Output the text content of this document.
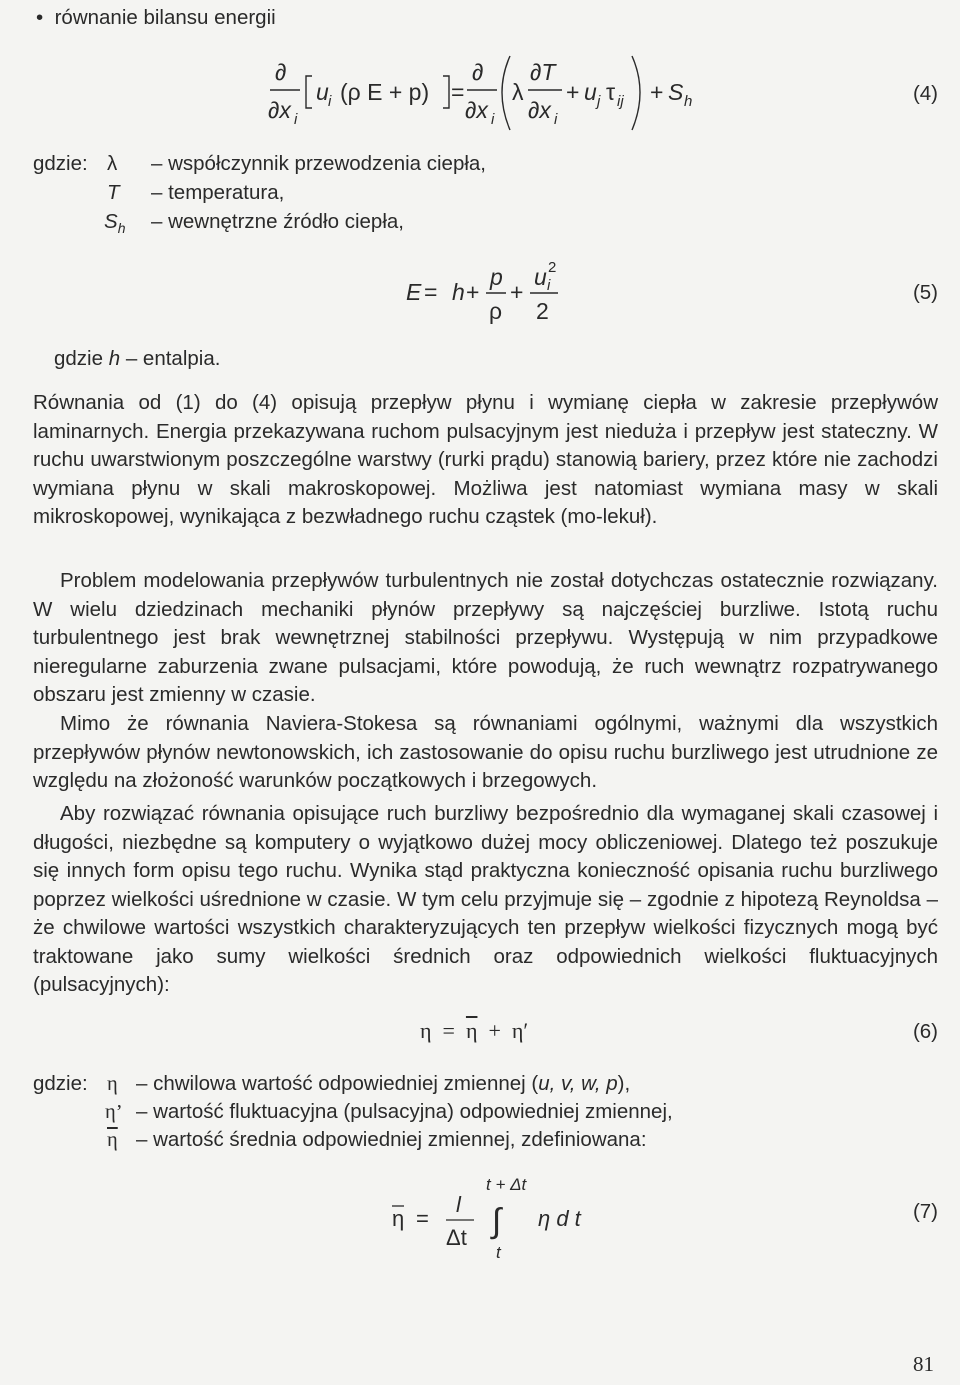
• równanie bilansu energii
∂
∂x i
u i (ρ E + p) =
∂
∂x i
λ
∂T
∂x i
+ u j τ ij + S h	(4)
gdzie: λ – współczynnik przewodzenia ciepła,
T – temperatura,
$S_h$ – wewnętrzne źródło ciepła,
E = h +
p
ρ
+
u i
2
2
(5)
gdzie h – entalpia.
Równania od (1) do (4) opisują przepływ płynu i wymianę ciepła w zakresie przepływów laminarnych. Energia przekazywana ruchom pulsacyjnym jest nieduża i przepływ jest stateczny. W ruchu uwarstwionym poszczególne warstwy (rurki prądu) stanowią bariery, przez które nie zachodzi wymiana płynu w skali makroskopowej. Możliwa jest natomiast wymiana masy w skali mikroskopowej, wynikająca z bezwładnego ruchu cząstek (mo-lekuł).
Problem modelowania przepływów turbulentnych nie został dotychczas ostatecznie rozwiązany. W wielu dziedzinach mechaniki płynów przepływy są najczęściej burzliwe. Istotą ruchu turbulentnego jest brak wewnętrznej stabilności przepływu. Występują w nim przypadkowe nieregularne zaburzenia zwane pulsacjami, które powodują, że ruch wewnątrz rozpatrywanego obszaru jest zmienny w czasie.
Mimo że równania Naviera-Stokesa są równaniami ogólnymi, ważnymi dla wszystkich przepływów płynów newtonowskich, ich zastosowanie do opisu ruchu burzliwego jest utrudnione ze względu na złożoność warunków początkowych i brzegowych.
Aby rozwiązać równania opisujące ruch burzliwy bezpośrednio dla wymaganej skali czasowej i długości, niezbędne są komputery o wyjątkowo dużej mocy obliczeniowej. Dlatego też poszukuje się innych form opisu tego ruchu. Wynika stąd praktyczna konieczność opisania ruchu burzliwego poprzez wielkości uśrednione w czasie. W tym celu przyjmuje się – zgodnie z hipotezą Reynoldsa – że chwilowe wartości wszystkich charakteryzujących ten przepływ wielkości fizycznych mogą być traktowane jako sumy wielkości średnich oraz odpowiednich wielkości fluktuacyjnych (pulsacyjnych):
$\eta = \overline{\eta} + \eta'$	(6)
gdzie: η – chwilowa wartość odpowiedniej zmiennej (u, v, w, p),
η’ – wartość fluktuacyjna (pulsacyjna) odpowiedniej zmiennej,
$\overline{\eta}$ – wartość średnia odpowiedniej zmiennej, zdefiniowana:
η =
l
Δt
t + Δt
∫
t
η d t	(7)
81
